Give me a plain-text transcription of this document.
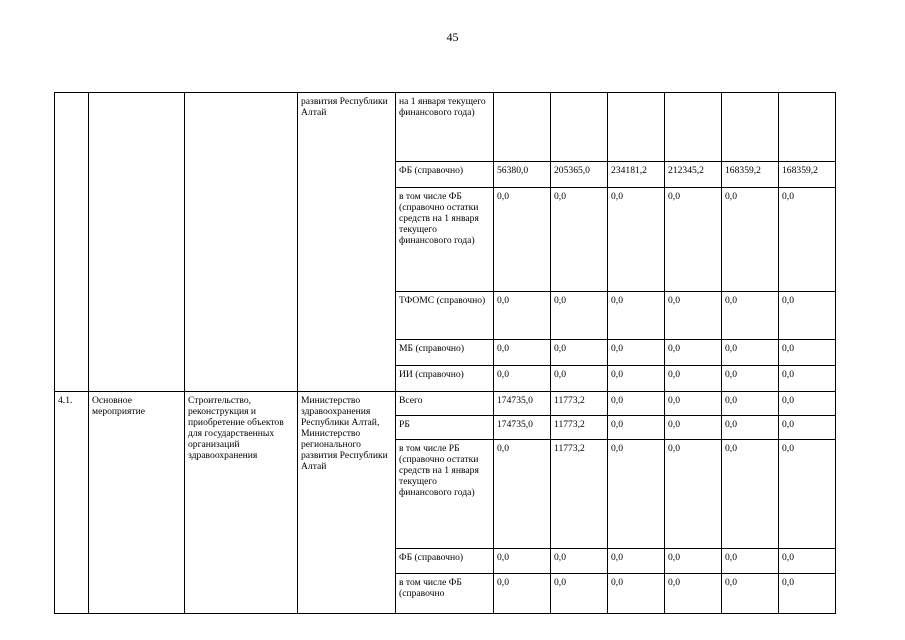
45
			развития Республики Алтай	на 1 января текущего финансового года)						
				ФБ (справочно)	56380,0	205365,0	234181,2	212345,2	168359,2	168359,2
				в том числе ФБ (справочно остатки средств на 1 января текущего финансового года)	0,0	0,0	0,0	0,0	0,0	0,0
				ТФОМС (справочно)	0,0	0,0	0,0	0,0	0,0	0,0
				МБ (справочно)	0,0	0,0	0,0	0,0	0,0	0,0
				ИИ (справочно)	0,0	0,0	0,0	0,0	0,0	0,0
4.1.	Основное мероприятие	Строительство, реконструкция и приобретение объектов для государственных организаций здравоохранения	Министерство здравоохранения Республики Алтай, Министерство регионального развития Республики Алтай	Всего	174735,0	11773,2	0,0	0,0	0,0	0,0
				РБ	174735,0	11773,2	0,0	0,0	0,0	0,0
				в том числе РБ (справочно остатки средств на 1 января текущего финансового года)	0,0	11773,2	0,0	0,0	0,0	0,0
				ФБ (справочно)	0,0	0,0	0,0	0,0	0,0	0,0
				в том числе ФБ (справочно	0,0	0,0	0,0	0,0	0,0	0,0
